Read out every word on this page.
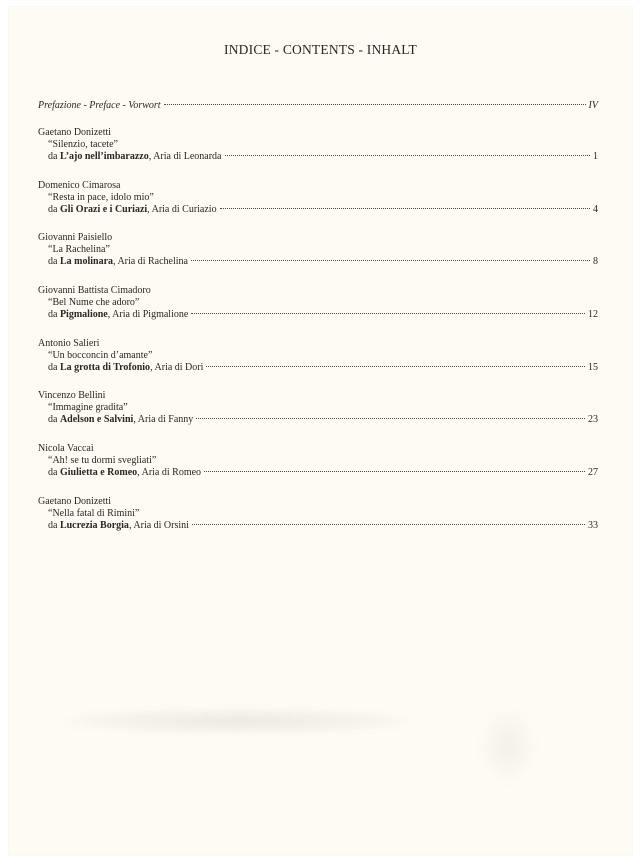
INDICE - CONTENTS - INHALT
Prefazione - Preface - Vorwort	IV
Gaetano Donizetti
“Silenzio, tacete”
da
L’ajo nell’imbarazzo , Aria di Leonarda	1
Domenico Cimarosa
“Resta in pace, idolo mio”
da
Gli Orazi e i Curiazi , Aria di Curiazio	4
Giovanni Paisiello
“La Rachelina”
da
La molinara , Aria di Rachelina	8
Giovanni Battista Cimadoro
“Bel Nume che adoro”
da
Pigmalione , Aria di Pigmalione	12
Antonio Salieri
“Un bocconcin d’amante”
da
La grotta di Trofonio , Aria di Dori	15
Vincenzo Bellini
“Immagine gradita”
da
Adelson e Salvini , Aria di Fanny	23
Nicola Vaccai
“Ah! se tu dormi svegliati”
da
Giulietta e Romeo , Aria di Romeo	27
Gaetano Donizetti
“Nella fatal di Rimini”
da
Lucrezia Borgia , Aria di Orsini	33
